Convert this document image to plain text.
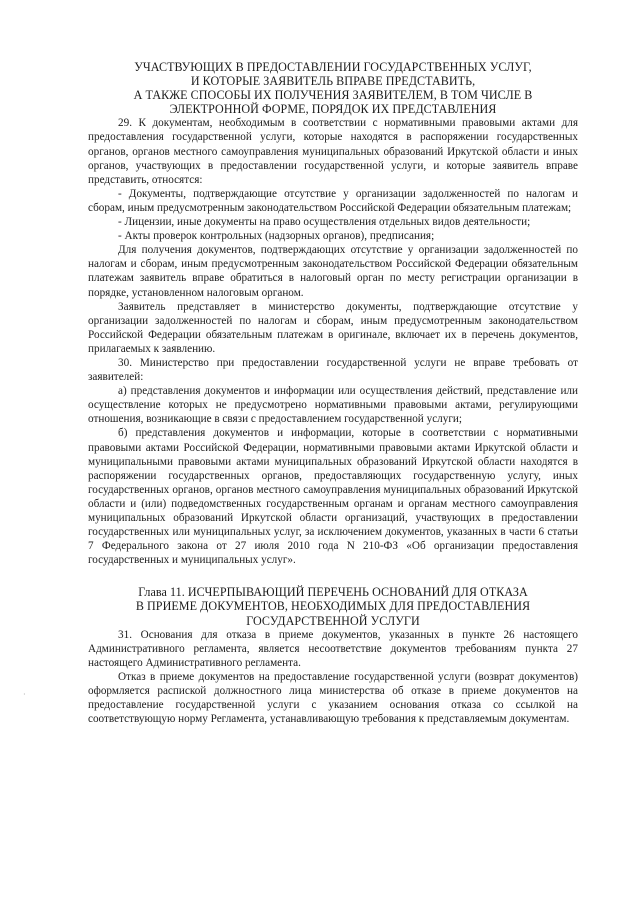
УЧАСТВУЮЩИХ В ПРЕДОСТАВЛЕНИИ ГОСУДАРСТВЕННЫХ УСЛУГ,
И КОТОРЫЕ ЗАЯВИТЕЛЬ ВПРАВЕ ПРЕДСТАВИТЬ,
А ТАКЖЕ СПОСОБЫ ИХ ПОЛУЧЕНИЯ ЗАЯВИТЕЛЕМ, В ТОМ ЧИСЛЕ В
ЭЛЕКТРОННОЙ ФОРМЕ, ПОРЯДОК ИХ ПРЕДСТАВЛЕНИЯ

29. К документам, необходимым в соответствии с нормативными правовыми актами для предоставления государственной услуги, которые находятся в распоряжении государственных органов, органов местного самоуправления муниципальных образований Иркутской области и иных органов, участвующих в предоставлении государственной услуги, и которые заявитель вправе представить, относятся:

- Документы, подтверждающие отсутствие у организации задолженностей по налогам и сборам, иным предусмотренным законодательством Российской Федерации обязательным платежам;

- Лицензии, иные документы на право осуществления отдельных видов деятельности;

- Акты проверок контрольных (надзорных органов), предписания;

Для получения документов, подтверждающих отсутствие у организации задолженностей по налогам и сборам, иным предусмотренным законодательством Российской Федерации обязательным платежам заявитель вправе обратиться в налоговый орган по месту регистрации организации в порядке, установленном налоговым органом.

Заявитель представляет в министерство документы, подтверждающие отсутствие у организации задолженностей по налогам и сборам, иным предусмотренным законодательством Российской Федерации обязательным платежам в оригинале, включает их в перечень документов, прилагаемых к заявлению.

30. Министерство при предоставлении государственной услуги не вправе требовать от заявителей:

а) представления документов и информации или осуществления действий, представление или осуществление которых не предусмотрено нормативными правовыми актами, регулирующими отношения, возникающие в связи с предоставлением государственной услуги;

б) представления документов и информации, которые в соответствии с нормативными правовыми актами Российской Федерации, нормативными правовыми актами Иркутской области и муниципальными правовыми актами муниципальных образований Иркутской области находятся в распоряжении государственных органов, предоставляющих государственную услугу, иных государственных органов, органов местного самоуправления муниципальных образований Иркутской области и (или) подведомственных государственным органам и органам местного самоуправления муниципальных образований Иркутской области организаций, участвующих в предоставлении государственных или муниципальных услуг, за исключением документов, указанных в части 6 статьи 7 Федерального закона от 27 июля 2010 года N 210-ФЗ «Об организации предоставления государственных и муниципальных услуг».

Глава 11. ИСЧЕРПЫВАЮЩИЙ ПЕРЕЧЕНЬ ОСНОВАНИЙ ДЛЯ ОТКАЗА
В ПРИЕМЕ ДОКУМЕНТОВ, НЕОБХОДИМЫХ ДЛЯ ПРЕДОСТАВЛЕНИЯ
ГОСУДАРСТВЕННОЙ УСЛУГИ

31. Основания для отказа в приеме документов, указанных в пункте 26 настоящего Административного регламента, является несоответствие документов требованиям пункта 27 настоящего Административного регламента.

Отказ в приеме документов на предоставление государственной услуги (возврат документов) оформляется распиской должностного лица министерства об отказе в приеме документов на предоставление государственной услуги с указанием основания отказа со ссылкой на соответствующую норму Регламента, устанавливающую требования к представляемым документам.

·
